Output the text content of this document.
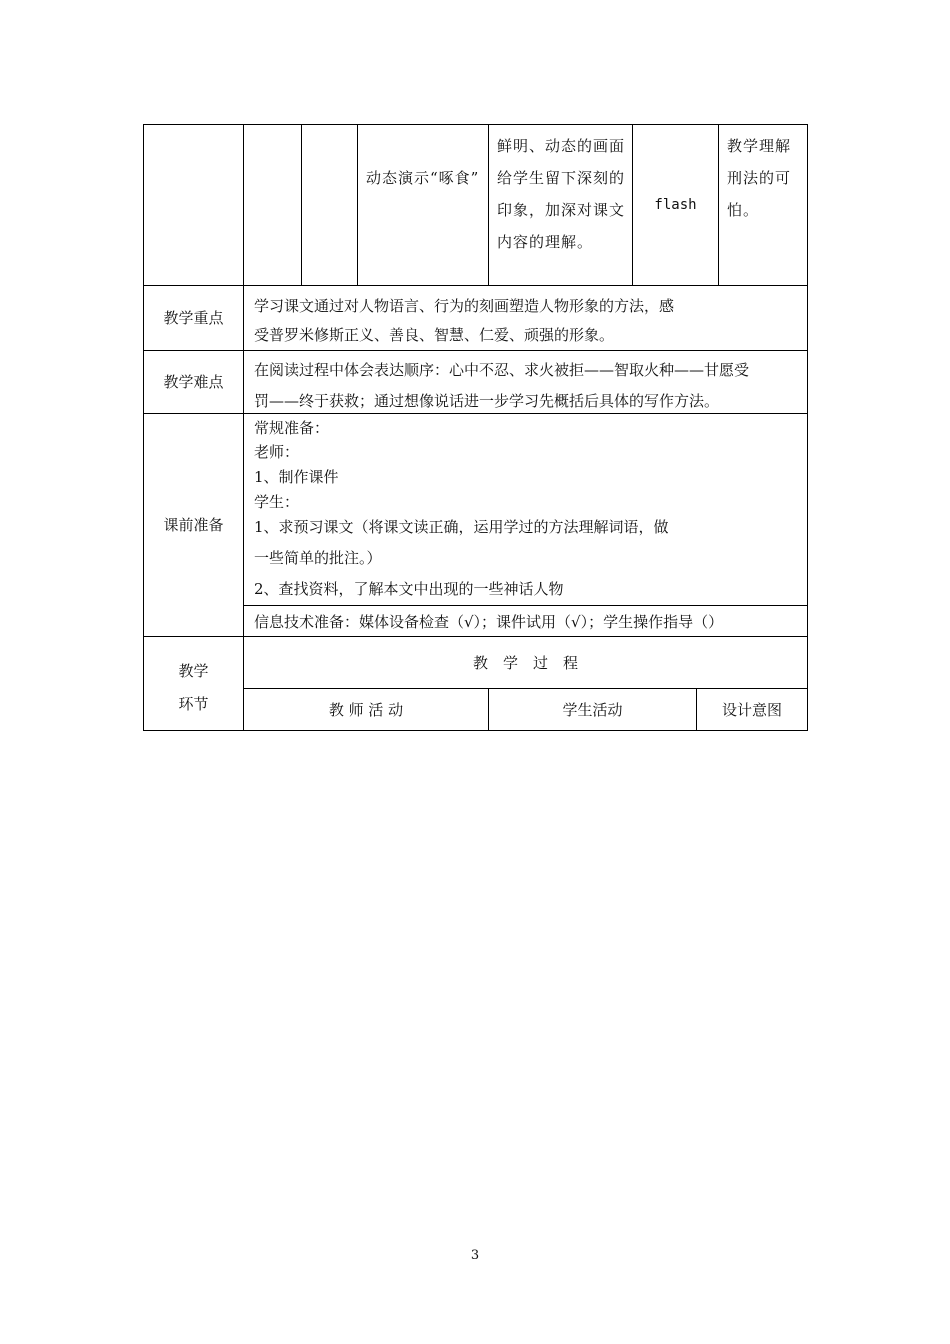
动态演示“啄食”
鲜明、动态的画面给学生留下深刻的印象，加深对课文内容的理解。
flash
教学理解刑法的可怕。
教学重点
学习课文通过对人物语言、行为的刻画塑造人物形象的方法，感
受普罗米修斯正义、善良、智慧、仁爱、顽强的形象。
教学难点
在阅读过程中体会表达顺序：心中不忍、求火被拒——智取火种——甘愿受
罚——终于获救；通过想像说话进一步学习先概括后具体的写作方法。
课前准备
常规准备：
老师：
1、制作课件
学生：
1、求预习课文（将课文读正确，运用学过的方法理解词语，做
一些简单的批注。）
2、查找资料，了解本文中出现的一些神话人物
信息技术准备：媒体设备检查（√）；课件试用（√）；学生操作指导（）
教学
环节
教　学　过　程
教 师 活 动	学生活动	设计意图
3
